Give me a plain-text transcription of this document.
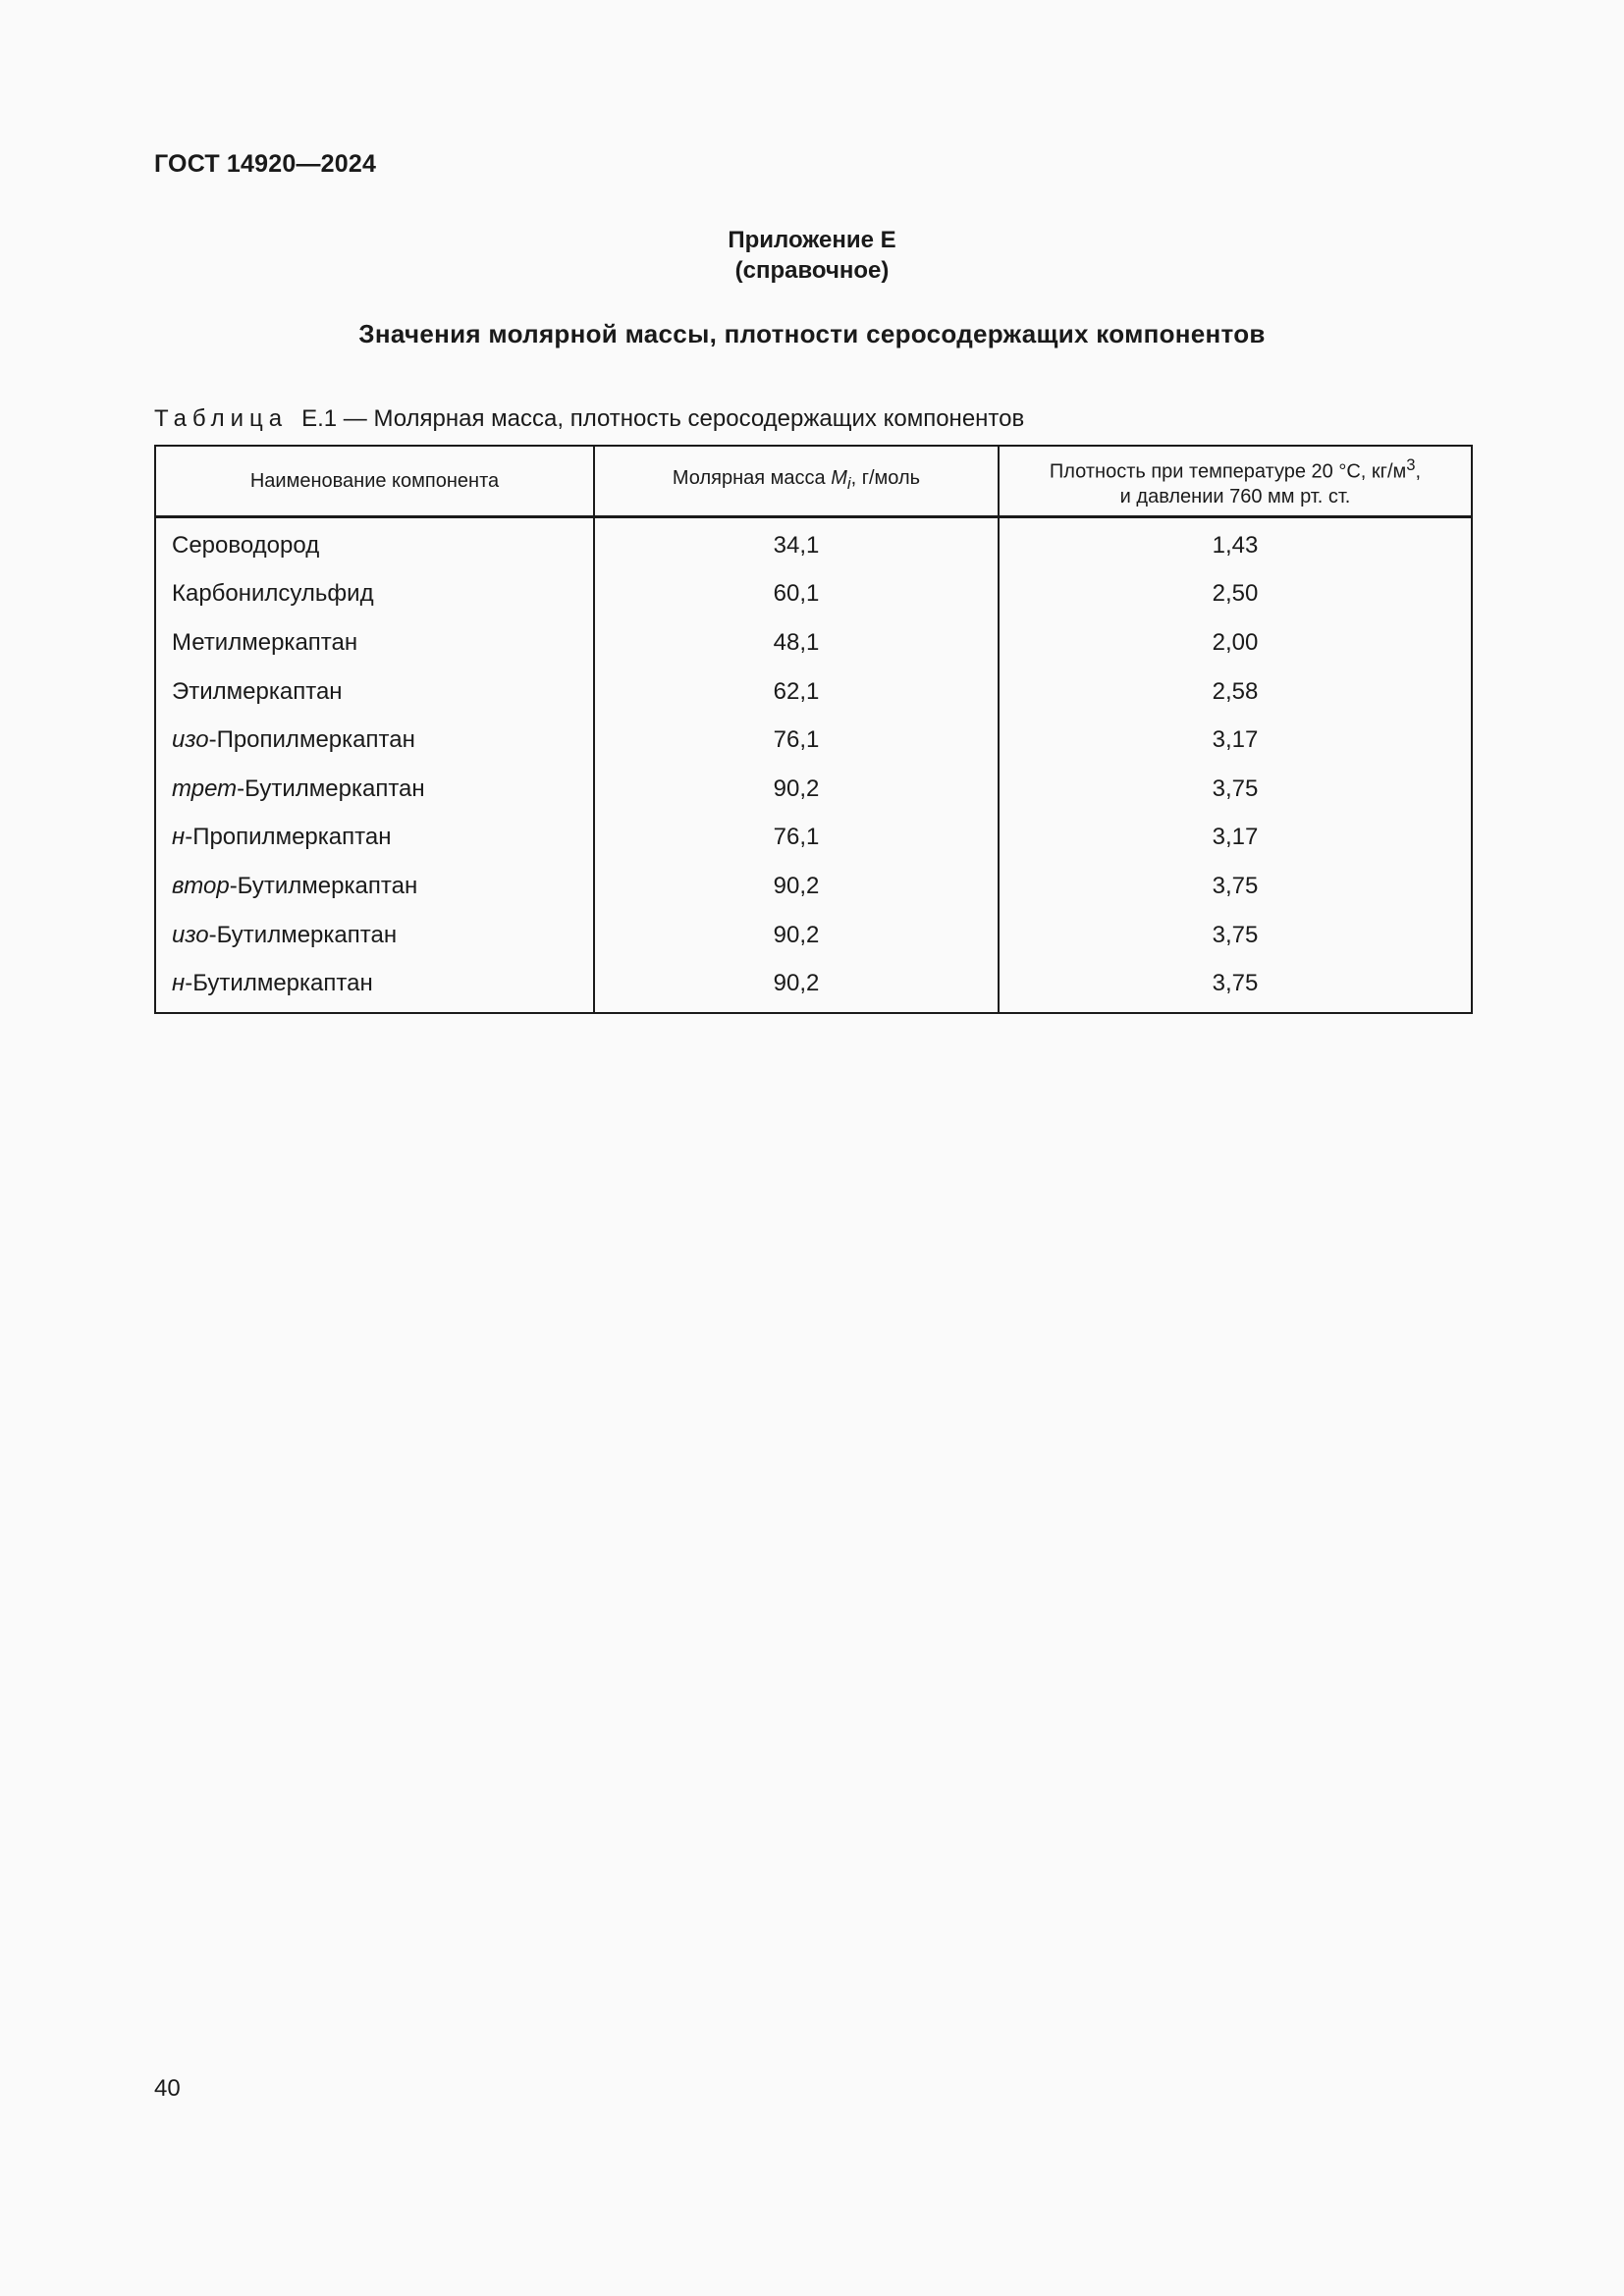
ГОСТ 14920—2024
Приложение Е
(справочное)
Значения молярной массы, плотности серосодержащих компонентов
Таблица Е.1 — Молярная масса, плотность серосодержащих компонентов
Наименование компонента	Молярная масса $M_i$, г/моль	Плотность при температуре 20 °С, $кг/м^3$,
и давлении 760 мм рт. ст.
Сероводород	34,1	1,43
Карбонилсульфид	60,1	2,50
Метилмеркаптан	48,1	2,00
Этилмеркаптан	62,1	2,58
изо-Пропилмеркаптан	76,1	3,17
трет-Бутилмеркаптан	90,2	3,75
н-Пропилмеркаптан	76,1	3,17
втор-Бутилмеркаптан	90,2	3,75
изо-Бутилмеркаптан	90,2	3,75
н-Бутилмеркаптан	90,2	3,75
40
